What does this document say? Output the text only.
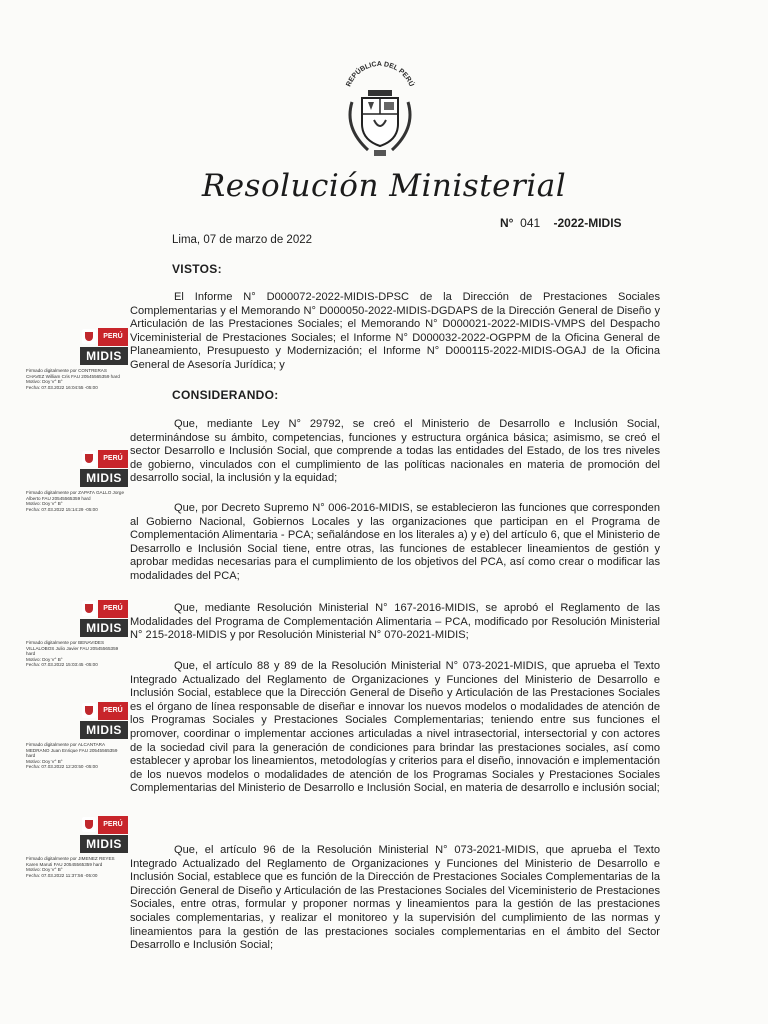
REPÚBLICA DEL PERÚ
Resolución Ministerial
N° 041 -2022-MIDIS
Lima, 07 de marzo de 2022
VISTOS:
El Informe N° D000072-2022-MIDIS-DPSC de la Dirección de Prestaciones Sociales Complementarias y el Memorando N° D000050-2022-MIDIS-DGDAPS de la Dirección General de Diseño y Articulación de las Prestaciones Sociales; el Memorando N° D000021-2022-MIDIS-VMPS del Despacho Viceministerial de Prestaciones Sociales; el Informe N° D000032-2022-OGPPM de la Oficina General de Planeamiento, Presupuesto y Modernización; el Informe N° D000115-2022-MIDIS-OGAJ de la Oficina General de Asesoría Jurídica; y
CONSIDERANDO:
Que, mediante Ley N° 29792, se creó el Ministerio de Desarrollo e Inclusión Social, determinándose su ámbito, competencias, funciones y estructura orgánica básica; asimismo, se creó el sector Desarrollo e Inclusión Social, que comprende a todas las entidades del Estado, de los tres niveles de gobierno, vinculados con el cumplimiento de las políticas nacionales en materia de promoción del desarrollo social, la inclusión y la equidad;
Que, por Decreto Supremo N° 006-2016-MIDIS, se establecieron las funciones que corresponden al Gobierno Nacional, Gobiernos Locales y las organizaciones que participan en el Programa de Complementación Alimentaria - PCA; señalándose en los literales a) y e) del artículo 6, que el Ministerio de Desarrollo e Inclusión Social tiene, entre otras, las funciones de establecer lineamientos de gestión y aprobar medidas necesarias para el cumplimiento de los objetivos del PCA, así como crear o modificar las modalidades del PCA;
Que, mediante Resolución Ministerial N° 167-2016-MIDIS, se aprobó el Reglamento de las Modalidades del Programa de Complementación Alimentaria – PCA, modificado por Resolución Ministerial N° 215-2018-MIDIS y por Resolución Ministerial N° 070-2021-MIDIS;
Que, el artículo 88 y 89 de la Resolución Ministerial N° 073-2021-MIDIS, que aprueba el Texto Integrado Actualizado del Reglamento de Organizaciones y Funciones del Ministerio de Desarrollo e Inclusión Social, establece que la Dirección General de Diseño y Articulación de las Prestaciones Sociales es el órgano de línea responsable de diseñar e innovar los nuevos modelos o modalidades de atención de los Programas Sociales y Prestaciones Sociales Complementarias; teniendo entre sus funciones el promover, coordinar o implementar acciones articuladas a nivel intrasectorial, intersectorial y con actores de la sociedad civil para la generación de condiciones para brindar las prestaciones sociales, así como establecer y aprobar los lineamientos, metodologías y criterios para el diseño, innovación e implementación de los nuevos modelos o modalidades de atención de los Programas Sociales y Prestaciones Sociales Complementarias del Ministerio de Desarrollo e Inclusión Social, en materia de desarrollo e inclusión social;
Que, el artículo 96 de la Resolución Ministerial N° 073-2021-MIDIS, que aprueba el Texto Integrado Actualizado del Reglamento de Organizaciones y Funciones del Ministerio de Desarrollo e Inclusión Social, establece que es función de la Dirección de Prestaciones Sociales Complementarias de la Dirección General de Diseño y Articulación de las Prestaciones Sociales del Viceministerio de Prestaciones Sociales, entre otras, formular y proponer normas y lineamientos para la gestión de las prestaciones sociales complementarias, y realizar el monitoreo y la supervisión del cumplimiento de las normas y lineamientos para la gestión de las prestaciones sociales complementarias en el ámbito del Sector Desarrollo e Inclusión Social;
PERÚ
MIDIS
Firmado digitalmente por CONTRERAS CHAVEZ William Cris FAU 20545565359 hard
Motivo: Doy V° B°
Fecha: 07.03.2022 16:04:55 -05:00
PERÚ
MIDIS
Firmado digitalmente por ZAPATA GALLO Jorge Alberto FAU 20545565359 hard
Motivo: Doy V° B°
Fecha: 07.03.2022 15:14:29 -05:00
PERÚ
MIDIS
Firmado digitalmente por BENAVIDES VILLALOBOS Julio Javier FAU 20545565359 hard
Motivo: Doy V° B°
Fecha: 07.03.2022 15:03:45 -05:00
PERÚ
MIDIS
Firmado digitalmente por ALCANTARA MEDRANO Juan Enrique FAU 20545565359 hard
Motivo: Doy V° B°
Fecha: 07.03.2022 12:20:50 -05:00
PERÚ
MIDIS
Firmado digitalmente por JIMENEZ REYES Karen Maruti FAU 20545565359 hard
Motivo: Doy V° B°
Fecha: 07.03.2022 11:37:56 -05:00
